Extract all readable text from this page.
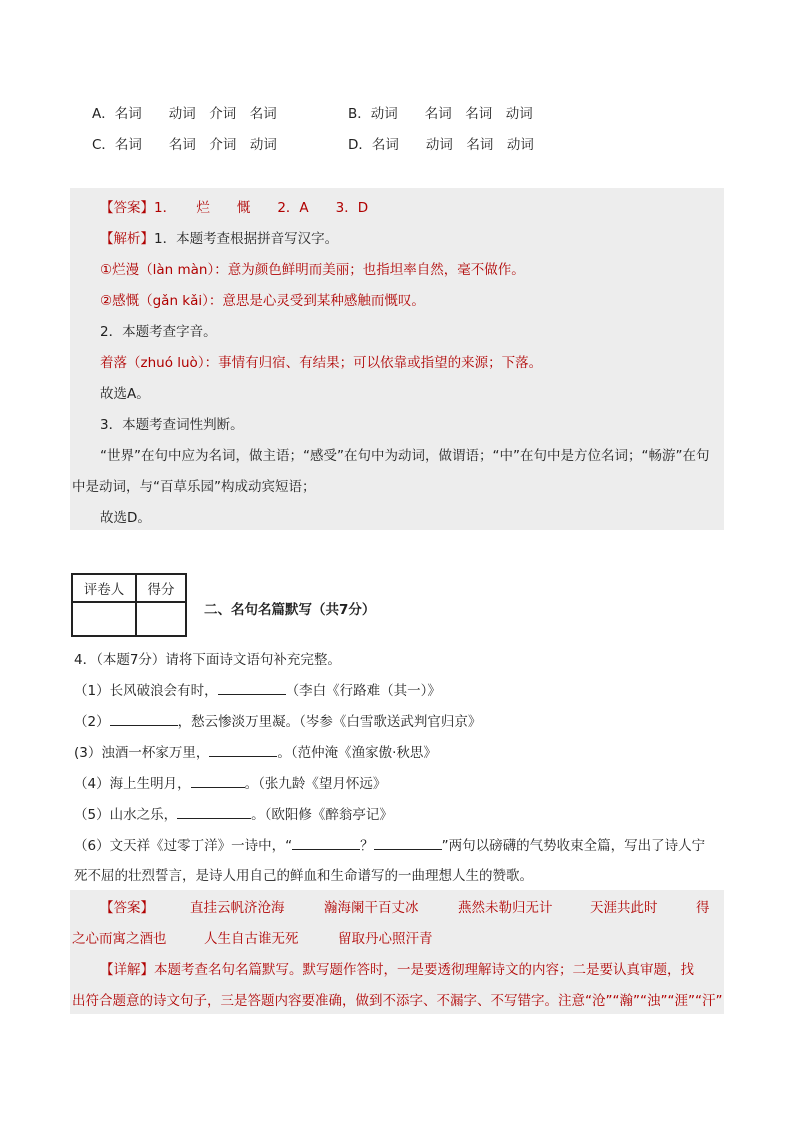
A．名词　　动词　介词　名词	B．动词　　名词　名词　动词
C．名词　　名词　介词　动词	D．名词　　动词　名词　动词
【答案】1．　　烂　　慨　　2．A　　3．D
【解析】1．本题考查根据拼音写汉字。
①烂漫（làn màn）：意为颜色鲜明而美丽；也指坦率自然，毫不做作。
②感慨（gǎn kǎi）：意思是心灵受到某种感触而慨叹。
2．本题考查字音。
着落（zhuó luò）：事情有归宿、有结果；可以依靠或指望的来源；下落。
故选A。
3．本题考查词性判断。
“世界”在句中应为名词，做主语；“感受”在句中为动词，做谓语；“中”在句中是方位名词；“畅游”在句
中是动词，与“百草乐园”构成动宾短语；
故选D。
评卷人	得分

二、名句名篇默写（共7分）
4．（本题7分）请将下面诗文语句补充完整。
（1）长风破浪会有时，	（李白《行路难（其一）》
（2）	，愁云惨淡万里凝。（岑参《白雪歌送武判官归京》
(3）浊酒一杯家万里，	。（范仲淹《渔家傲·秋思》
（4）海上生明月，	。（张九龄《望月怀远》
（5）山水之乐，	。（欧阳修《醉翁亭记》
（6）文天祥《过零丁洋》一诗中，“	？	”两句以磅礴的气势收束全篇，写出了诗人宁
死不屈的壮烈誓言，是诗人用自己的鲜血和生命谱写的一曲理想人生的赞歌。
【答案】	直挂云帆济沧海	瀚海阑干百丈冰	燕然未勒归无计	天涯共此时	得
之心而寓之酒也	人生自古谁无死	留取丹心照汗青
【详解】本题考查名句名篇默写。默写题作答时，一是要透彻理解诗文的内容；二是要认真审题，找
出符合题意的诗文句子，三是答题内容要准确，做到不添字、不漏字、不写错字。注意“沧”“瀚”“浊”“涯”“汗”
